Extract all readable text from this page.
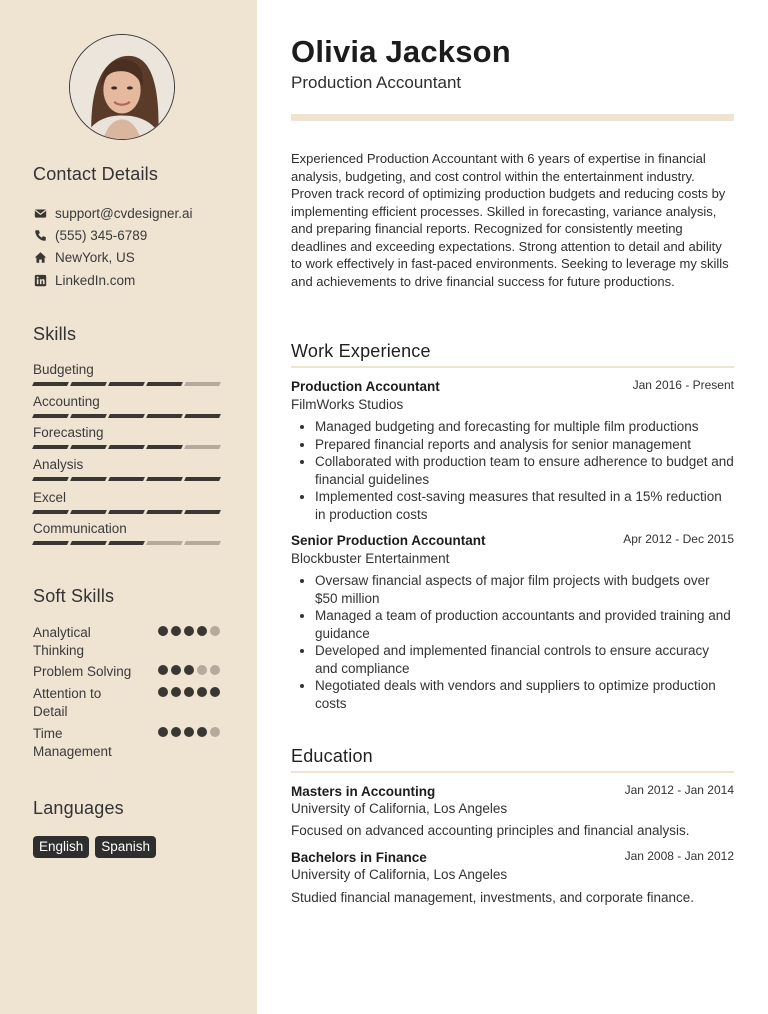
Contact Details
support@cvdesigner.ai
(555) 345-6789
NewYork, US
LinkedIn.com
Skills
Budgeting
Accounting
Forecasting
Analysis
Excel
Communication
Soft Skills
Analytical Thinking
Problem Solving
Attention to Detail
Time Management
Languages
English	Spanish
Olivia Jackson
Production Accountant
Experienced Production Accountant with 6 years of expertise in financial analysis, budgeting, and cost control within the entertainment industry. Proven track record of optimizing production budgets and reducing costs by implementing efficient processes. Skilled in forecasting, variance analysis, and preparing financial reports. Recognized for consistently meeting deadlines and exceeding expectations. Strong attention to detail and ability to work effectively in fast-paced environments. Seeking to leverage my skills and achievements to drive financial success for future productions.
Work Experience
Production Accountant	Jan 2016 - Present
FilmWorks Studios
Managed budgeting and forecasting for multiple film productions
Prepared financial reports and analysis for senior management
Collaborated with production team to ensure adherence to budget and financial guidelines
Implemented cost-saving measures that resulted in a 15% reduction in production costs
Senior Production Accountant	Apr 2012 - Dec 2015
Blockbuster Entertainment
Oversaw financial aspects of major film projects with budgets over $50 million
Managed a team of production accountants and provided training and guidance
Developed and implemented financial controls to ensure accuracy and compliance
Negotiated deals with vendors and suppliers to optimize production costs
Education
Masters in Accounting	Jan 2012 - Jan 2014
University of California, Los Angeles
Focused on advanced accounting principles and financial analysis.
Bachelors in Finance	Jan 2008 - Jan 2012
University of California, Los Angeles
Studied financial management, investments, and corporate finance.
